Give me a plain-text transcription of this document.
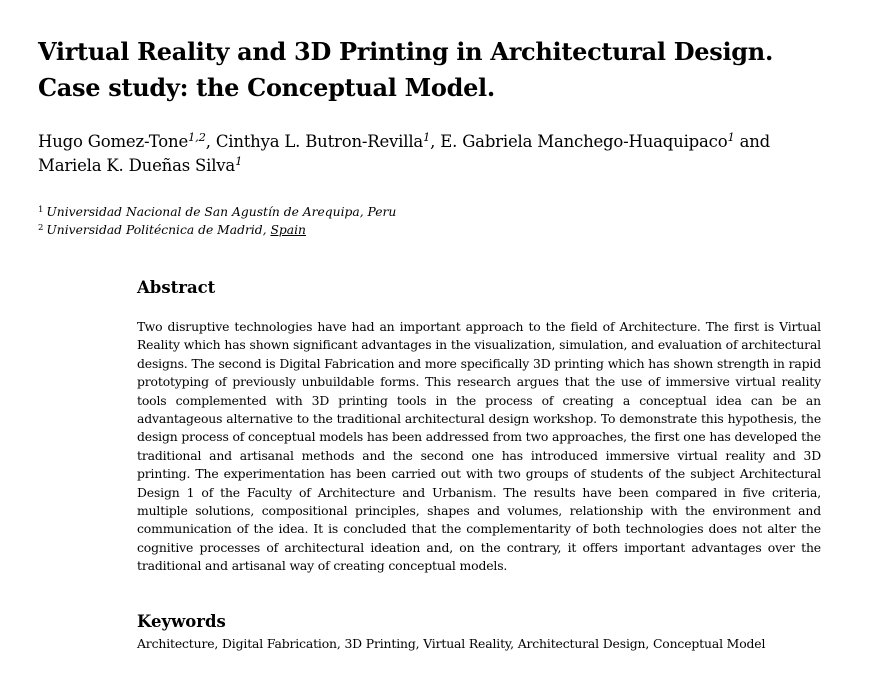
Virtual Reality and 3D Printing in Architectural Design.
Case study: the Conceptual Model.
Hugo Gomez-Tone$^{1,2}$, Cinthya L. Butron-Revilla$^1$, E. Gabriela Manchego-Huaquipaco$^1$ and
Mariela K. Dueñas Silva$^1$
$^1$ Universidad Nacional de San Agustín de Arequipa, Peru
$^2$ Universidad Politécnica de Madrid, Spain
Abstract

Two disruptive technologies have had an important approach to the field of Architecture. The first is Virtual Reality which has shown significant advantages in the visualization, simulation, and evaluation of architectural designs. The second is Digital Fabrication and more specifically 3D printing which has shown strength in rapid prototyping of previously unbuildable forms. This research argues that the use of immersive virtual reality tools complemented with 3D printing tools in the process of creating a conceptual idea can be an advantageous alternative to the traditional architectural design workshop. To demonstrate this hypothesis, the design process of conceptual models has been addressed from two approaches, the first one has developed the traditional and artisanal methods and the second one has introduced immersive virtual reality and 3D printing. The experimentation has been carried out with two groups of students of the subject Architectural Design 1 of the Faculty of Architecture and Urbanism. The results have been compared in five criteria, multiple solutions, compositional principles, shapes and volumes, relationship with the environment and communication of the idea. It is concluded that the complementarity of both technologies does not alter the cognitive processes of architectural ideation and, on the contrary, it offers important advantages over the traditional and artisanal way of creating conceptual models.

Keywords

Architecture, Digital Fabrication, 3D Printing, Virtual Reality, Architectural Design, Conceptual Model
